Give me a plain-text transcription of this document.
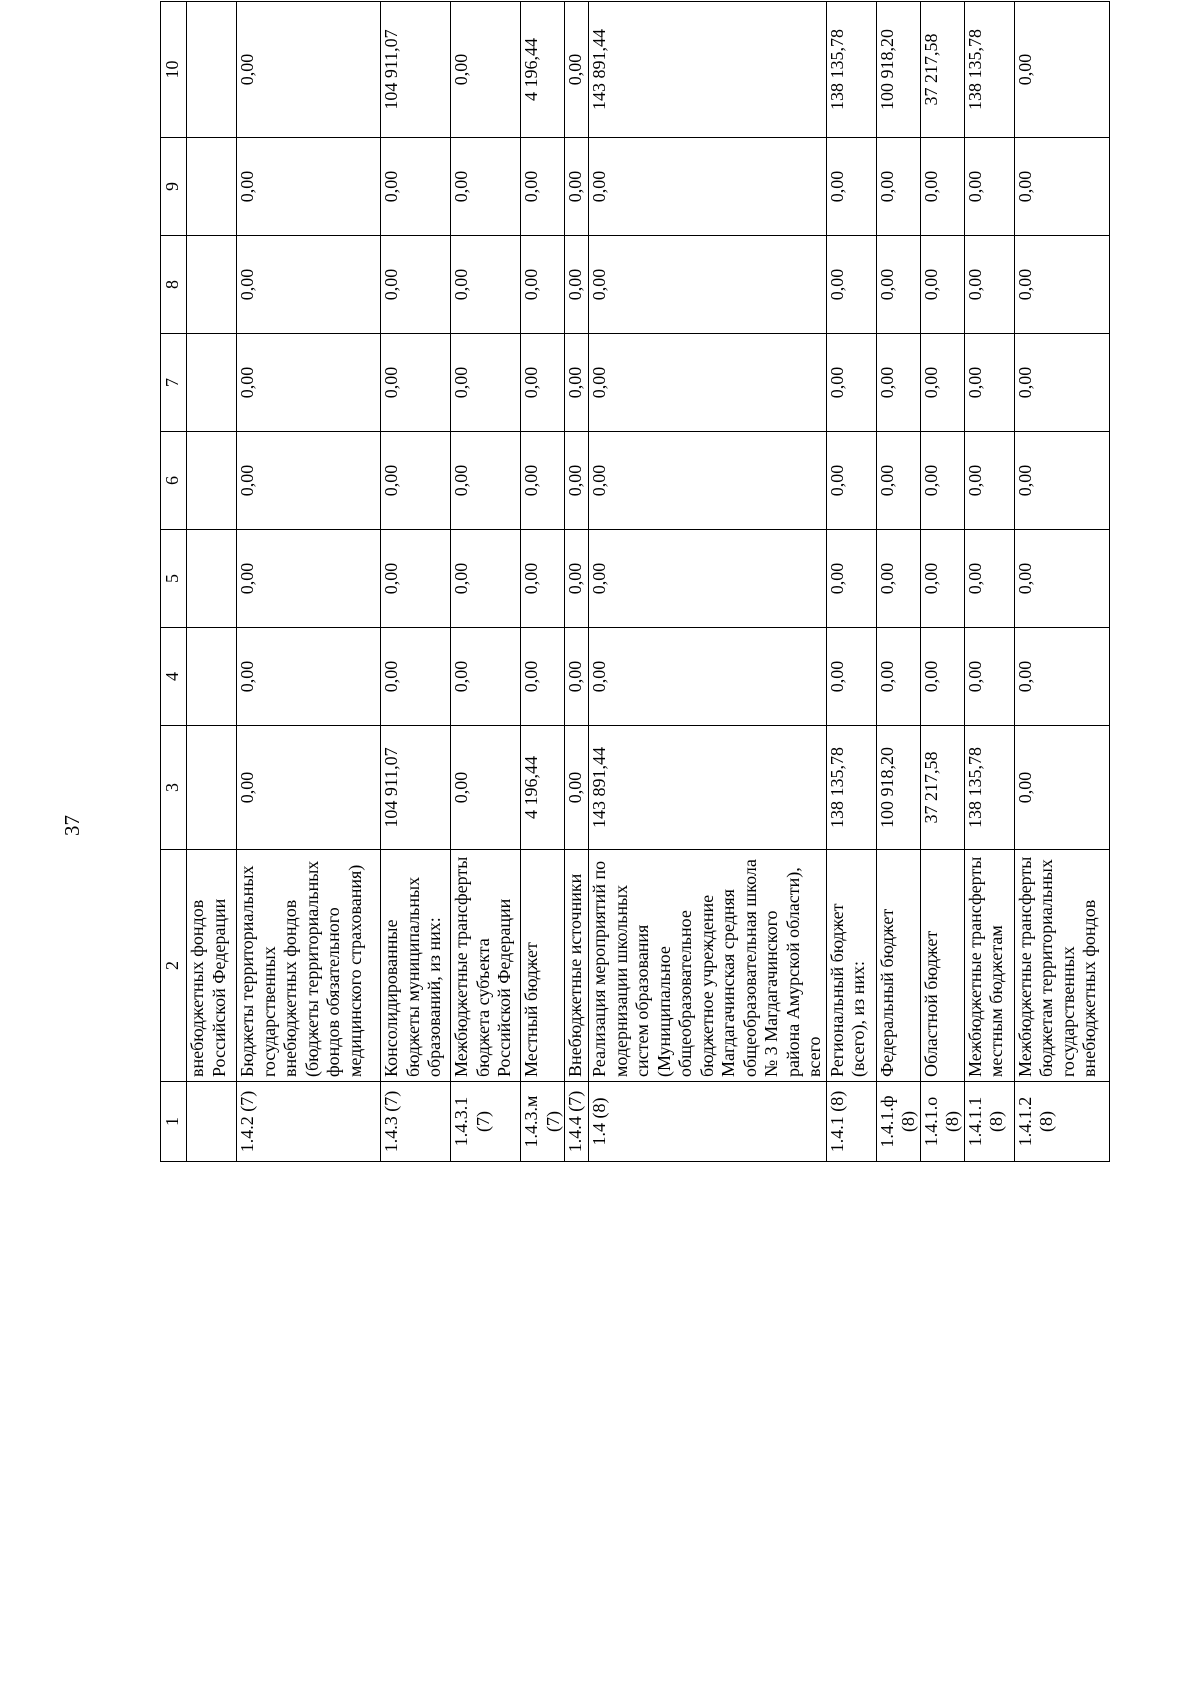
37
1	2	3	4	5	6	7	8	9	10
	внебюджетных фондов Российской Федерации								
1.4.2 (7)	Бюджеты территориальных государственных внебюджетных фондов (бюджеты территориальных фондов обязательного медицинского страхования)	0,00	0,00	0,00	0,00	0,00	0,00	0,00	0,00
1.4.3 (7)	Консолидированные бюджеты муниципальных образований, из них:	104 911,07	0,00	0,00	0,00	0,00	0,00	0,00	104 911,07
1.4.3.1 (7)	Межбюджетные трансферты бюджета субъекта Российской Федерации	0,00	0,00	0,00	0,00	0,00	0,00	0,00	0,00
1.4.3.м (7)	Местный бюджет	4 196,44	0,00	0,00	0,00	0,00	0,00	0,00	4 196,44
1.4.4 (7)	Внебюджетные источники	0,00	0,00	0,00	0,00	0,00	0,00	0,00	0,00
1.4 (8)	Реализация мероприятий по модернизации школьных систем образования (Муниципальное общеобразовательное бюджетное учреждение Магдагачинская средняя общеобразовательная школа № 3 Магдагачинского района Амурской области), всего	143 891,44	0,00	0,00	0,00	0,00	0,00	0,00	143 891,44
1.4.1 (8)	Региональный бюджет (всего), из них:	138 135,78	0,00	0,00	0,00	0,00	0,00	0,00	138 135,78
1.4.1.ф (8)	Федеральный бюджет	100 918,20	0,00	0,00	0,00	0,00	0,00	0,00	100 918,20
1.4.1.о (8)	Областной бюджет	37 217,58	0,00	0,00	0,00	0,00	0,00	0,00	37 217,58
1.4.1.1 (8)	Межбюджетные трансферты местным бюджетам	138 135,78	0,00	0,00	0,00	0,00	0,00	0,00	138 135,78
1.4.1.2 (8)	Межбюджетные трансферты бюджетам территориальных государственных внебюджетных фондов	0,00	0,00	0,00	0,00	0,00	0,00	0,00	0,00
